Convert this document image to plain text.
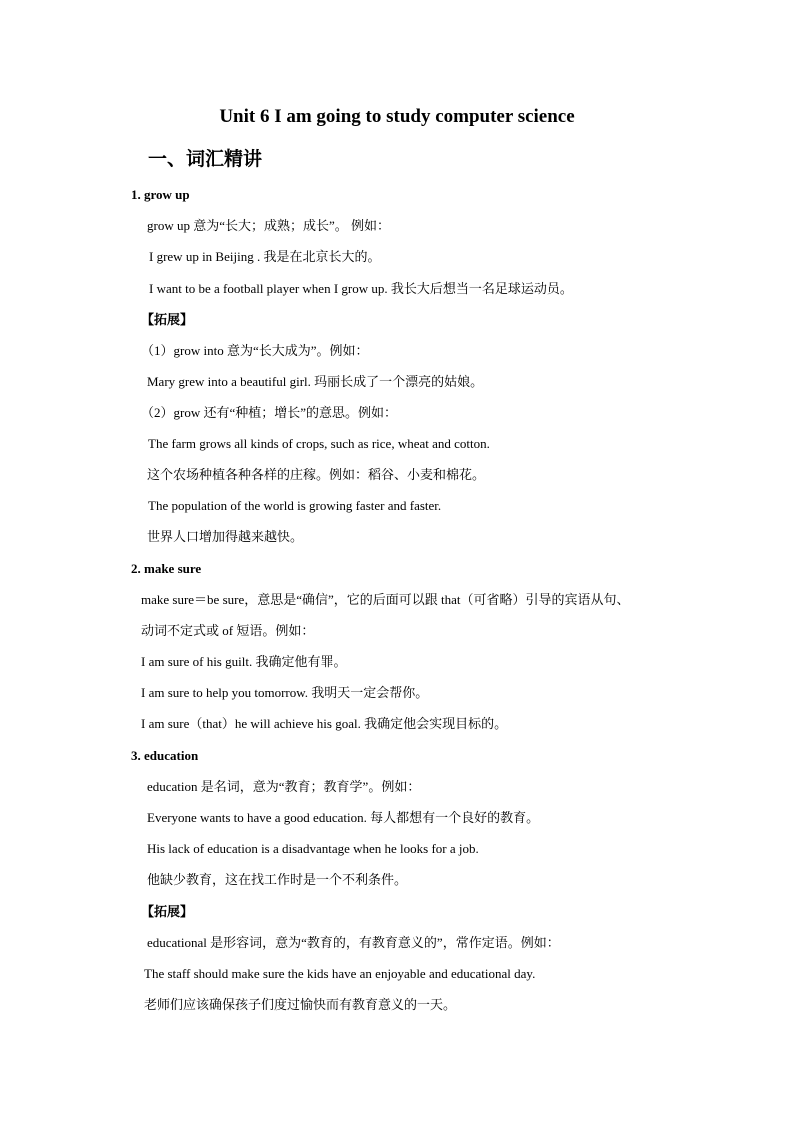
Unit 6 I am going to study computer science
一、词汇精讲
1. grow up
grow up 意为“长大；成熟；成长”。 例如：
I grew up in Beijing . 我是在北京长大的。
I want to be a football player when I grow up. 我长大后想当一名足球运动员。
【拓展】
（1）grow into 意为“长大成为”。例如：
Mary grew into a beautiful girl. 玛丽长成了一个漂亮的姑娘。
（2）grow 还有“种植；增长”的意思。例如：
The farm grows all kinds of crops, such as rice, wheat and cotton.
这个农场种植各种各样的庄稼。例如：稻谷、小麦和棉花。
The population of the world is growing faster and faster.
世界人口增加得越来越快。
2. make sure
make sure＝be sure，意思是“确信”，它的后面可以跟 that（可省略）引导的宾语从句、
动词不定式或 of 短语。例如：
I am sure of his guilt. 我确定他有罪。
I am sure to help you tomorrow. 我明天一定会帮你。
I am sure（that）he will achieve his goal. 我确定他会实现目标的。
3. education
education 是名词，意为“教育；教育学”。例如：
Everyone wants to have a good education. 每人都想有一个良好的教育。
His lack of education is a disadvantage when he looks for a job.
他缺少教育，这在找工作时是一个不利条件。
【拓展】
educational 是形容词，意为“教育的，有教育意义的”，常作定语。例如：
The staff should make sure the kids have an enjoyable and educational day.
老师们应该确保孩子们度过愉快而有教育意义的一天。
